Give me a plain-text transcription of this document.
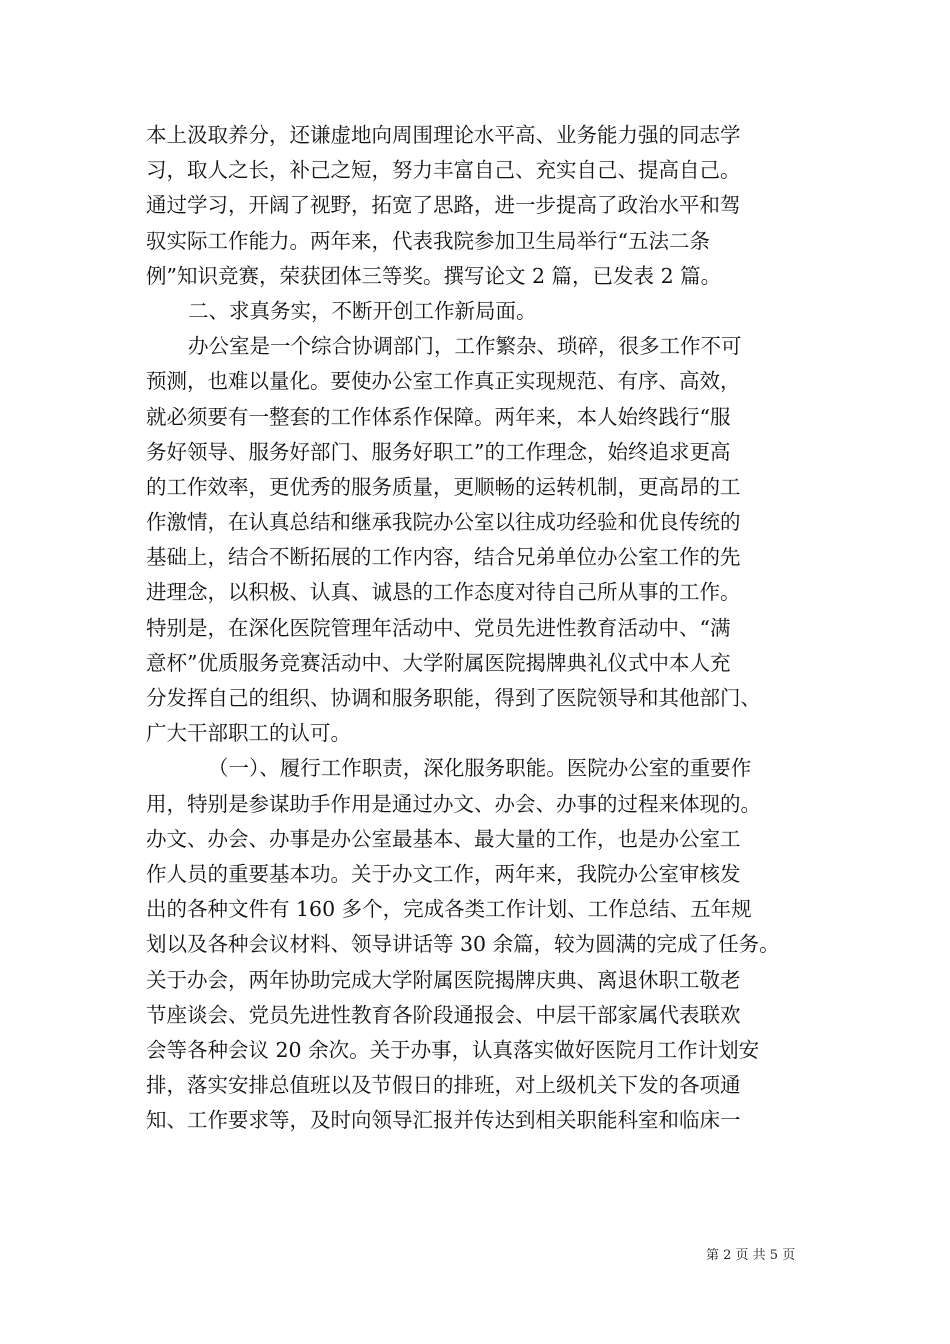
本上汲取养分，还谦虚地向周围理论水平高、业务能力强的同志学
习，取人之长，补己之短，努力丰富自己、充实自己、提高自己。
通过学习，开阔了视野，拓宽了思路，进一步提高了政治水平和驾
驭实际工作能力。两年来，代表我院参加卫生局举行“五法二条
例”知识竞赛，荣获团体三等奖。撰写论文 2 篇，已发表 2 篇。
二、求真务实，不断开创工作新局面。
办公室是一个综合协调部门，工作繁杂、琐碎，很多工作不可
预测，也难以量化。要使办公室工作真正实现规范、有序、高效，
就必须要有一整套的工作体系作保障。两年来，本人始终践行“服
务好领导、服务好部门、服务好职工”的工作理念，始终追求更高
的工作效率，更优秀的服务质量，更顺畅的运转机制，更高昂的工
作激情，在认真总结和继承我院办公室以往成功经验和优良传统的
基础上，结合不断拓展的工作内容，结合兄弟单位办公室工作的先
进理念，以积极、认真、诚恳的工作态度对待自己所从事的工作。
特别是，在深化医院管理年活动中、党员先进性教育活动中、“满
意杯”优质服务竞赛活动中、大学附属医院揭牌典礼仪式中本人充
分发挥自己的组织、协调和服务职能，得到了医院领导和其他部门、
广大干部职工的认可。
（一）、履行工作职责，深化服务职能。医院办公室的重要作
用，特别是参谋助手作用是通过办文、办会、办事的过程来体现的。
办文、办会、办事是办公室最基本、最大量的工作，也是办公室工
作人员的重要基本功。关于办文工作，两年来，我院办公室审核发
出的各种文件有 160 多个，完成各类工作计划、工作总结、五年规
划以及各种会议材料、领导讲话等 30 余篇，较为圆满的完成了任务。
关于办会，两年协助完成大学附属医院揭牌庆典、离退休职工敬老
节座谈会、党员先进性教育各阶段通报会、中层干部家属代表联欢
会等各种会议 20 余次。关于办事，认真落实做好医院月工作计划安
排，落实安排总值班以及节假日的排班，对上级机关下发的各项通
知、工作要求等，及时向领导汇报并传达到相关职能科室和临床一
第 2 页 共 5 页
